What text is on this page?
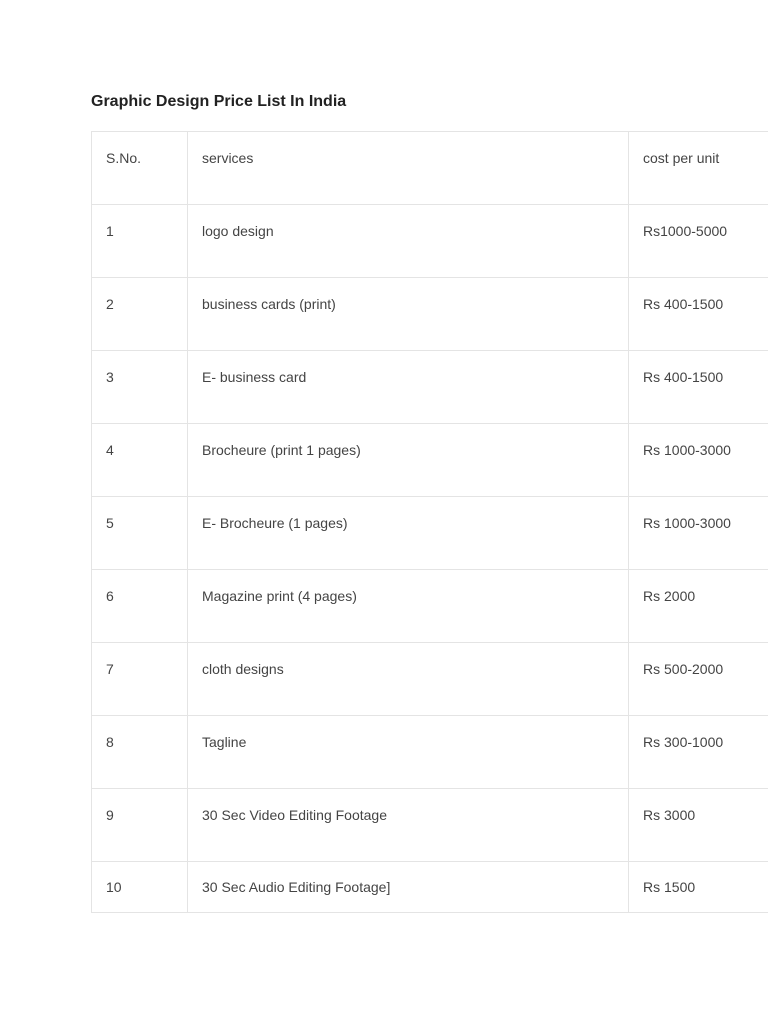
Graphic Design Price List In India
S.No.	services	cost per unit
1	logo design	Rs1000-5000
2	business cards (print)	Rs 400-1500
3	E- business card	Rs 400-1500
4	Brocheure (print 1 pages)	Rs 1000-3000
5	E- Brocheure (1 pages)	Rs 1000-3000
6	Magazine print (4 pages)	Rs 2000
7	cloth designs	Rs 500-2000
8	Tagline	Rs 300-1000
9	30 Sec Video Editing Footage	Rs 3000
10	30 Sec Audio Editing Footage]	Rs 1500
